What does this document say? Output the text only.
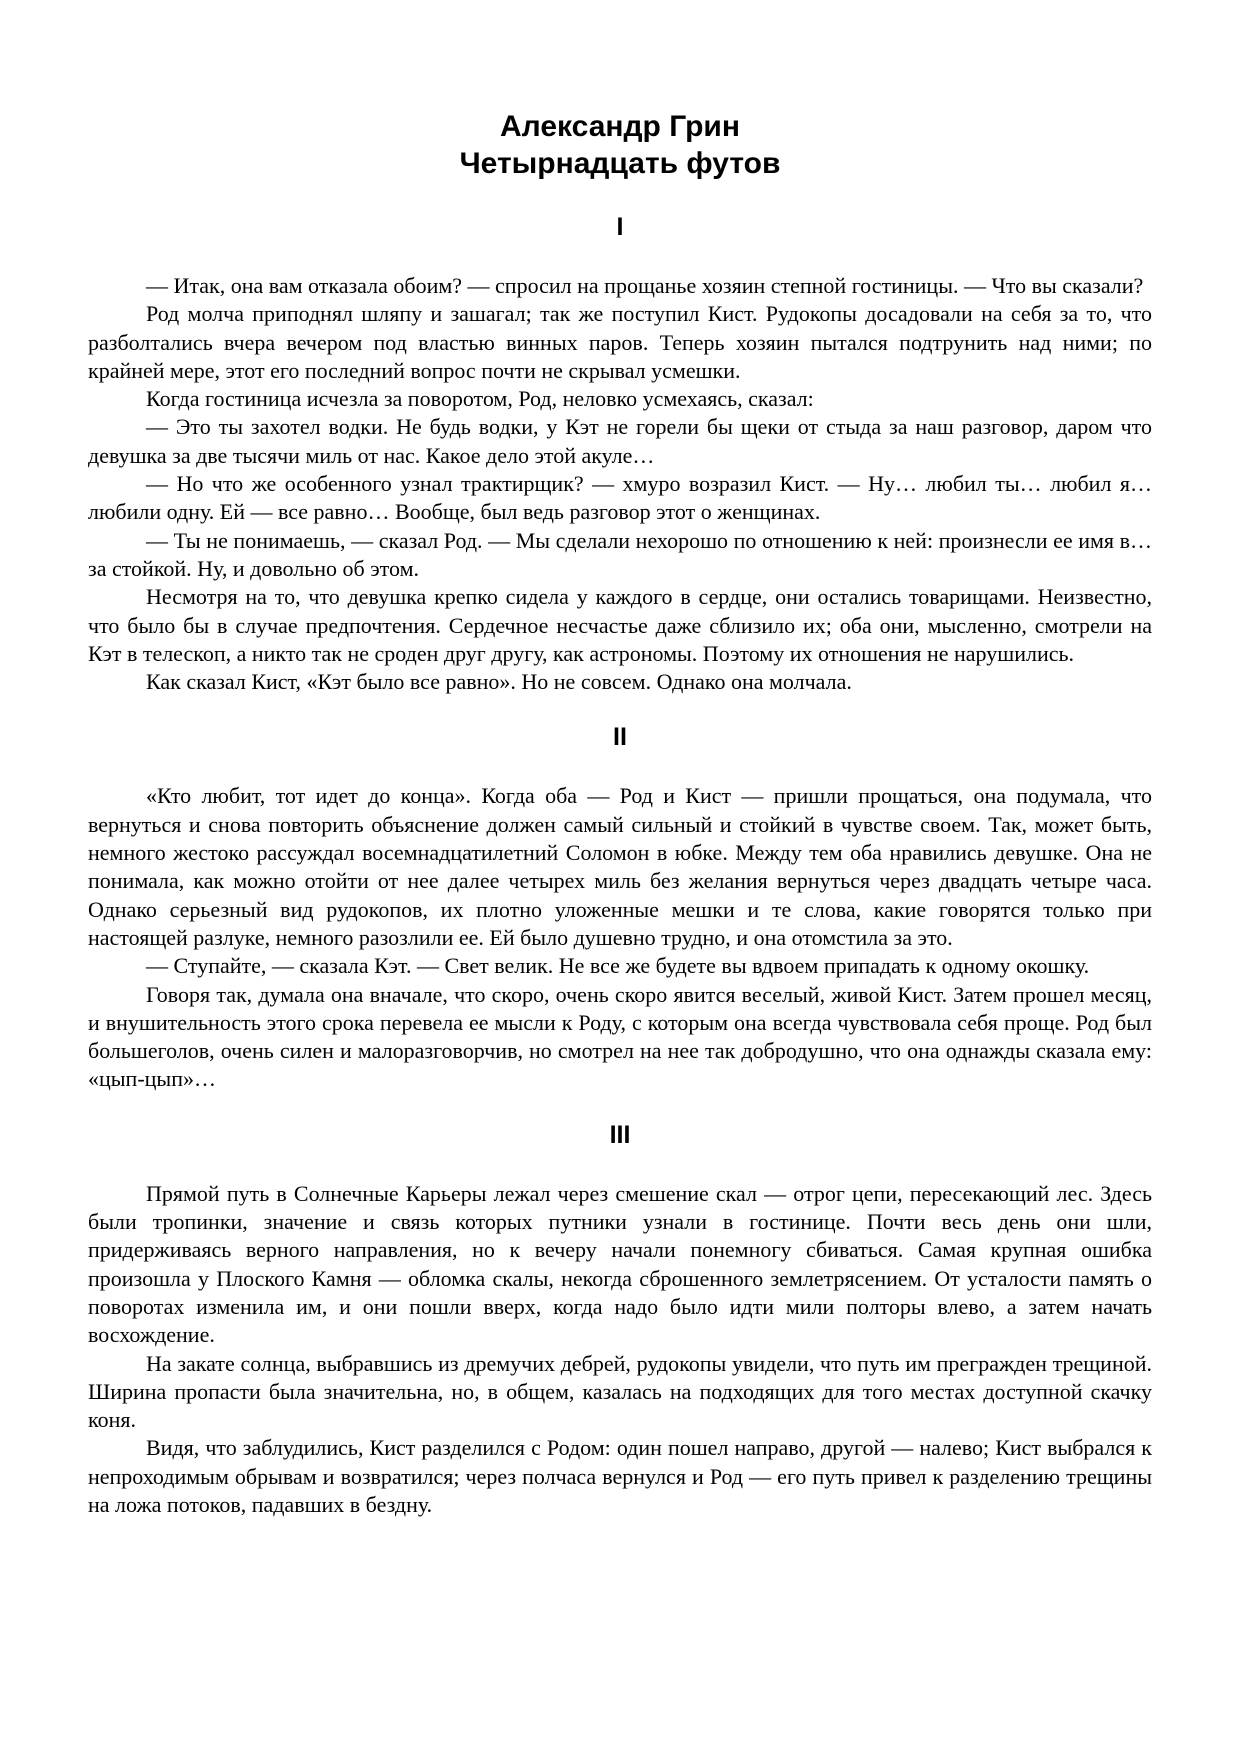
Александр Грин
Четырнадцать футов
I

— Итак, она вам отказала обоим? — спросил на прощанье хозяин степной гостиницы. — Что вы сказали?

Род молча приподнял шляпу и зашагал; так же поступил Кист. Рудокопы досадовали на себя за то, что разболтались вчера вечером под властью винных паров. Теперь хозяин пытался подтрунить над ними; по крайней мере, этот его последний вопрос почти не скрывал усмешки.

Когда гостиница исчезла за поворотом, Род, неловко усмехаясь, сказал:

— Это ты захотел водки. Не будь водки, у Кэт не горели бы щеки от стыда за наш разговор, даром что девушка за две тысячи миль от нас. Какое дело этой акуле…

— Но что же особенного узнал трактирщик? — хмуро возразил Кист. — Ну… любил ты… любил я… любили одну. Ей — все равно… Вообще, был ведь разговор этот о женщинах.

— Ты не понимаешь, — сказал Род. — Мы сделали нехорошо по отношению к ней: произнесли ее имя в… за стойкой. Ну, и довольно об этом.

Несмотря на то, что девушка крепко сидела у каждого в сердце, они остались товарищами. Неизвестно, что было бы в случае предпочтения. Сердечное несчастье даже сблизило их; оба они, мысленно, смотрели на Кэт в телескоп, а никто так не сроден друг другу, как астрономы. Поэтому их отношения не нарушились.

Как сказал Кист, «Кэт было все равно». Но не совсем. Однако она молчала.

II

«Кто любит, тот идет до конца». Когда оба — Род и Кист — пришли прощаться, она подумала, что вернуться и снова повторить объяснение должен самый сильный и стойкий в чувстве своем. Так, может быть, немного жестоко рассуждал восемнадцатилетний Соломон в юбке. Между тем оба нравились девушке. Она не понимала, как можно отойти от нее далее четырех миль без желания вернуться через двадцать четыре часа. Однако серьезный вид рудокопов, их плотно уложенные мешки и те слова, какие говорятся только при настоящей разлуке, немного разозлили ее. Ей было душевно трудно, и она отомстила за это.

— Ступайте, — сказала Кэт. — Свет велик. Не все же будете вы вдвоем припадать к одному окошку.

Говоря так, думала она вначале, что скоро, очень скоро явится веселый, живой Кист. Затем прошел месяц, и внушительность этого срока перевела ее мысли к Роду, с которым она всегда чувствовала себя проще. Род был большеголов, очень силен и малоразговорчив, но смотрел на нее так добродушно, что она однажды сказала ему: «цып-цып»…

III

Прямой путь в Солнечные Карьеры лежал через смешение скал — отрог цепи, пересекающий лес. Здесь были тропинки, значение и связь которых путники узнали в гостинице. Почти весь день они шли, придерживаясь верного направления, но к вечеру начали понемногу сбиваться. Самая крупная ошибка произошла у Плоского Камня — обломка скалы, некогда сброшенного землетрясением. От усталости память о поворотах изменила им, и они пошли вверх, когда надо было идти мили полторы влево, а затем начать восхождение.

На закате солнца, выбравшись из дремучих дебрей, рудокопы увидели, что путь им прегражден трещиной. Ширина пропасти была значительна, но, в общем, казалась на подходящих для того местах доступной скачку коня.

Видя, что заблудились, Кист разделился с Родом: один пошел направо, другой — налево; Кист выбрался к непроходимым обрывам и возвратился; через полчаса вернулся и Род — его путь привел к разделению трещины на ложа потоков, падавших в бездну.
